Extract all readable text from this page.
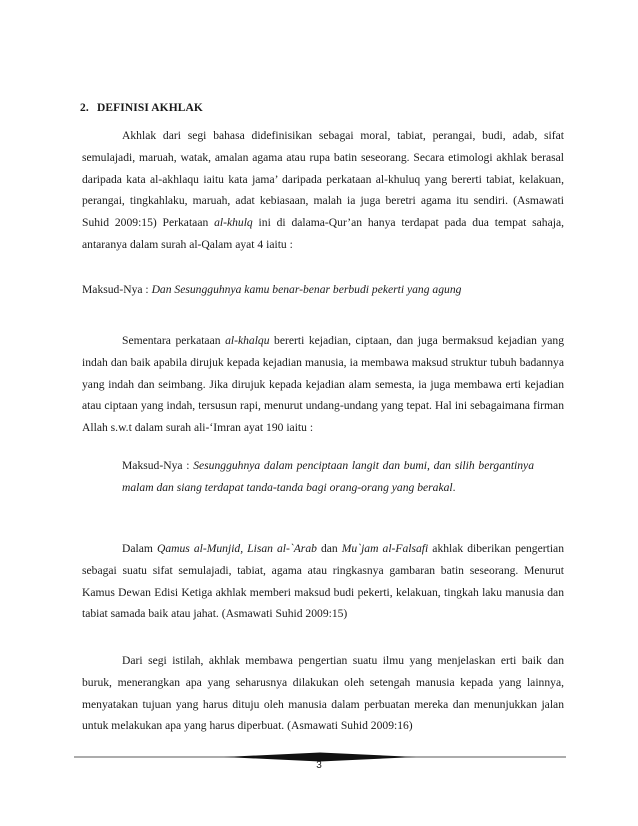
2. DEFINISI AKHLAK

Akhlak dari segi bahasa didefinisikan sebagai moral, tabiat, perangai, budi, adab, sifat semulajadi, maruah, watak, amalan agama atau rupa batin seseorang. Secara etimologi akhlak berasal daripada kata al-akhlaqu iaitu kata jama’ daripada perkataan al-khuluq yang bererti tabiat, kelakuan, perangai, tingkahlaku, maruah, adat kebiasaan, malah ia juga beretri agama itu sendiri. (Asmawati Suhid 2009:15) Perkataan al-khulq ini di dalama-Qur’an hanya terdapat pada dua tempat sahaja, antaranya dalam surah al-Qalam ayat 4 iaitu :

Maksud-Nya : Dan Sesungguhnya kamu benar-benar berbudi pekerti yang agung

Sementara perkataan al-khalqu bererti kejadian, ciptaan, dan juga bermaksud kejadian yang indah dan baik apabila dirujuk kepada kejadian manusia, ia membawa maksud struktur tubuh badannya yang indah dan seimbang. Jika dirujuk kepada kejadian alam semesta, ia juga membawa erti kejadian atau ciptaan yang indah, tersusun rapi, menurut undang-undang yang tepat. Hal ini sebagaimana firman Allah s.w.t dalam surah ali-‘Imran ayat 190 iaitu :

Maksud-Nya : Sesungguhnya dalam penciptaan langit dan bumi, dan silih bergantinya malam dan siang terdapat tanda-tanda bagi orang-orang yang berakal.

Dalam Qamus al-Munjid, Lisan al-`Arab dan Mu`jam al-Falsafi akhlak diberikan pengertian sebagai suatu sifat semulajadi, tabiat, agama atau ringkasnya gambaran batin seseorang. Menurut Kamus Dewan Edisi Ketiga akhlak memberi maksud budi pekerti, kelakuan, tingkah laku manusia dan tabiat samada baik atau jahat. (Asmawati Suhid 2009:15)

Dari segi istilah, akhlak membawa pengertian suatu ilmu yang menjelaskan erti baik dan buruk, menerangkan apa yang seharusnya dilakukan oleh setengah manusia kepada yang lainnya, menyatakan tujuan yang harus dituju oleh manusia dalam perbuatan mereka dan menunjukkan jalan untuk melakukan apa yang harus diperbuat. (Asmawati Suhid 2009:16)

3
